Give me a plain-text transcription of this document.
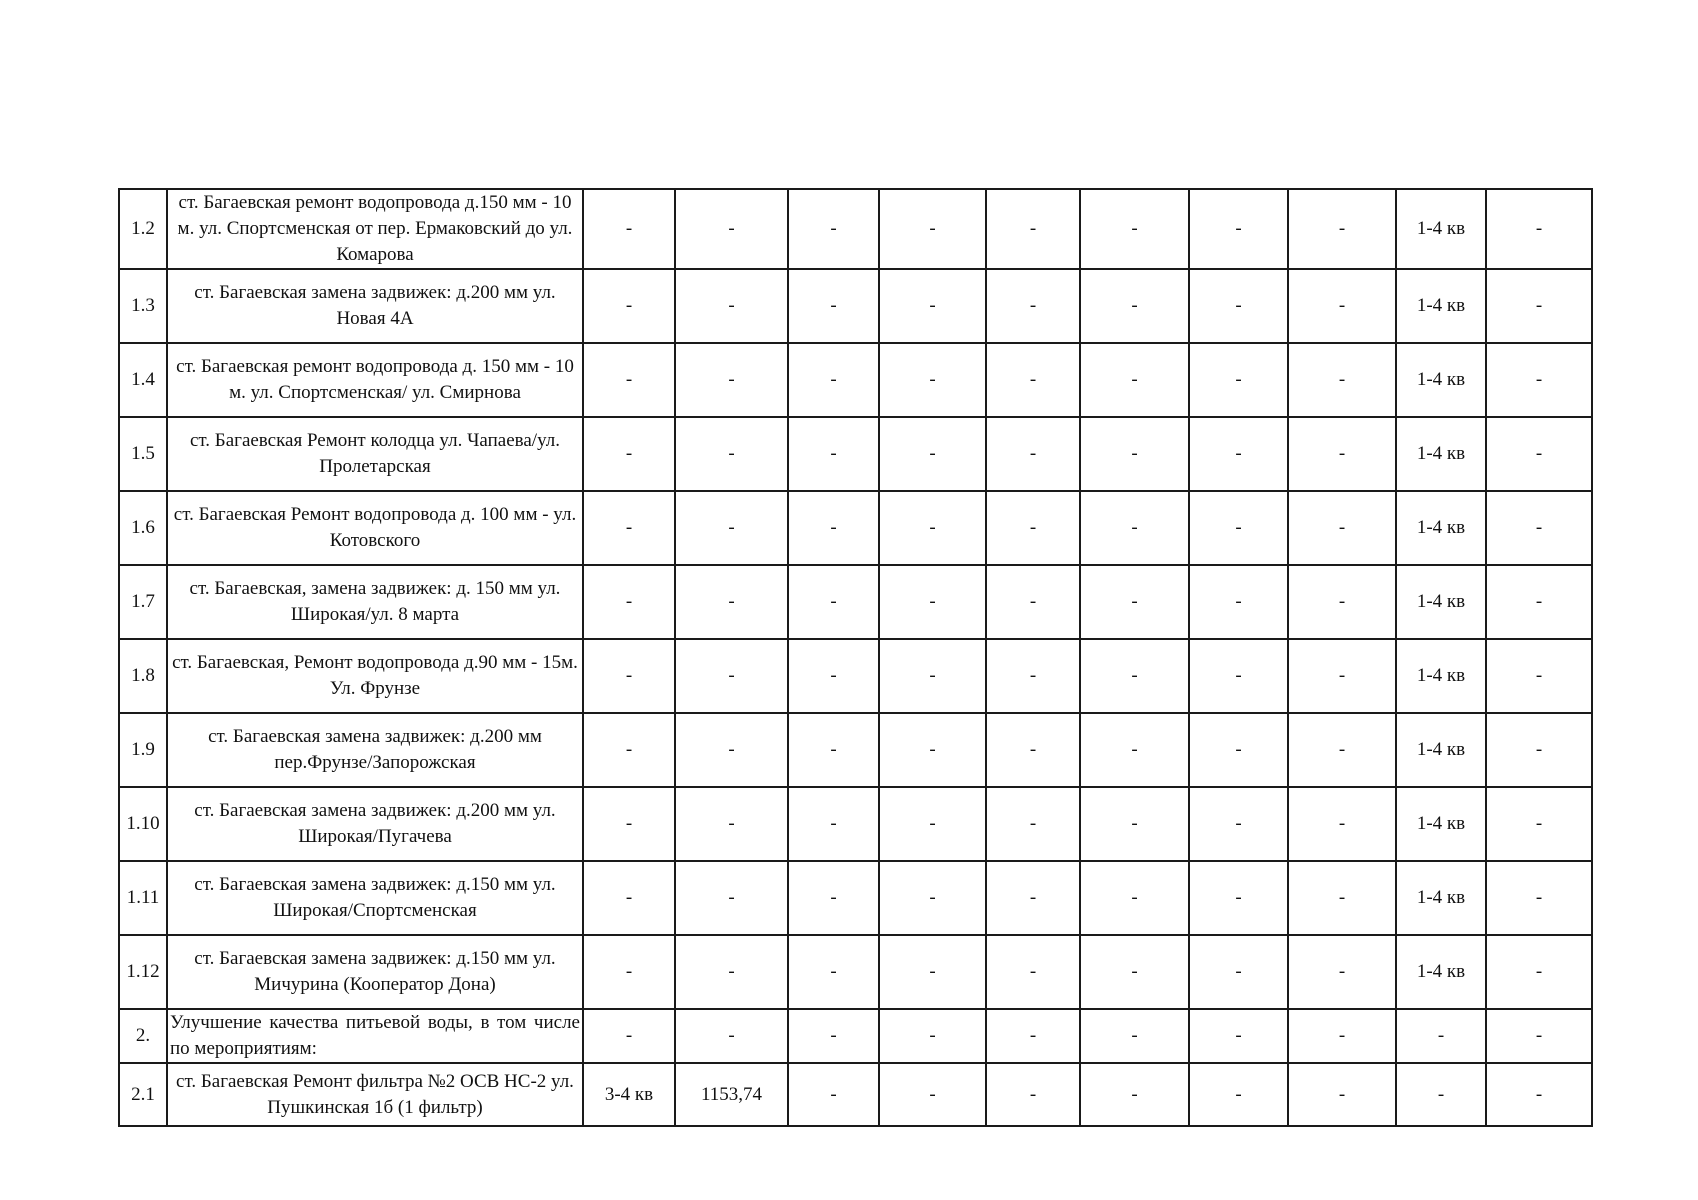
1.2	ст. Багаевская ремонт водопровода д.150 мм - 10 м. ул. Спортсменская от пер. Ермаковский до ул. Комарова	-	-	-	-	-	-	-	-	1-4 кв	-
1.3	ст. Багаевская замена задвижек: д.200 мм ул. Новая 4А	-	-	-	-	-	-	-	-	1-4 кв	-
1.4	ст. Багаевская ремонт водопровода д. 150 мм - 10 м. ул. Спортсменская/ ул. Смирнова	-	-	-	-	-	-	-	-	1-4 кв	-
1.5	ст. Багаевская Ремонт колодца ул. Чапаева/ул. Пролетарская	-	-	-	-	-	-	-	-	1-4 кв	-
1.6	ст. Багаевская Ремонт водопровода д. 100 мм - ул. Котовского	-	-	-	-	-	-	-	-	1-4 кв	-
1.7	ст. Багаевская, замена задвижек: д. 150 мм ул. Широкая/ул. 8 марта	-	-	-	-	-	-	-	-	1-4 кв	-
1.8	ст. Багаевская, Ремонт водопровода д.90 мм - 15м. Ул. Фрунзе	-	-	-	-	-	-	-	-	1-4 кв	-
1.9	ст. Багаевская замена задвижек: д.200 мм пер.Фрунзе/Запорожская	-	-	-	-	-	-	-	-	1-4 кв	-
1.10	ст. Багаевская замена задвижек: д.200 мм ул. Широкая/Пугачева	-	-	-	-	-	-	-	-	1-4 кв	-
1.11	ст. Багаевская замена задвижек: д.150 мм ул. Широкая/Спортсменская	-	-	-	-	-	-	-	-	1-4 кв	-
1.12	ст. Багаевская замена задвижек: д.150 мм ул. Мичурина (Кооператор Дона)	-	-	-	-	-	-	-	-	1-4 кв	-
2.	Улучшение качества питьевой воды, в том числе по мероприятиям:	-	-	-	-	-	-	-	-	-	-
2.1	ст. Багаевская Ремонт фильтра №2 ОСВ НС-2 ул. Пушкинская 1б (1 фильтр)	3-4 кв	1153,74	-	-	-	-	-	-	-	-
